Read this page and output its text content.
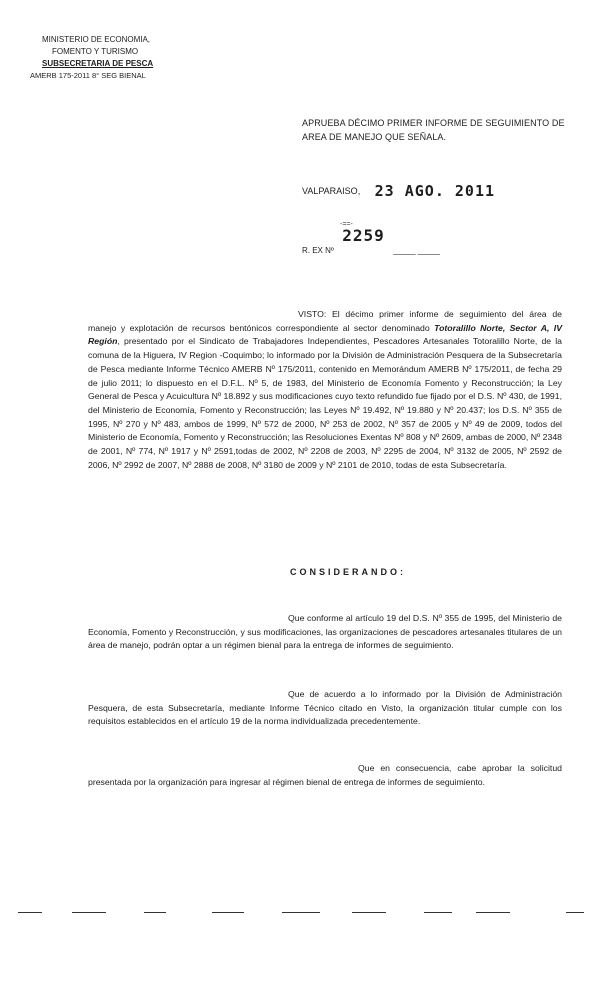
MINISTERIO DE ECONOMIA,
FOMENTO Y TURISMO
SUBSECRETARIA DE PESCA
AMERB 175-2011 8° SEG BIENAL
APRUEBA DÉCIMO PRIMER INFORME DE SEGUIMIENTO DE AREA DE MANEJO QUE SEÑALA.
VALPARAISO, 23 AGO. 2011
-==-
R. EX Nº 2259 _____ _____
VISTO: El décimo primer informe de seguimiento del área de manejo y explotación de recursos bentónicos correspondiente al sector denominado Totoralillo Norte, Sector A, IV Región, presentado por el Sindicato de Trabajadores Independientes, Pescadores Artesanales Totoralillo Norte, de la comuna de la Higuera, IV Region -Coquimbo; lo informado por la División de Administración Pesquera de la Subsecretaría de Pesca mediante Informe Técnico AMERB Nº 175/2011, contenido en Memorándum AMERB Nº 175/2011, de fecha 29 de julio 2011; lo dispuesto en el D.F.L. Nº 5, de 1983, del Ministerio de Economía Fomento y Reconstrucción; la Ley General de Pesca y Acuicultura Nº 18.892 y sus modificaciones cuyo texto refundido fue fijado por el D.S. Nº 430, de 1991, del Ministerio de Economía, Fomento y Reconstrucción; las Leyes Nº 19.492, Nº 19.880 y Nº 20.437; los D.S. Nº 355 de 1995, Nº 270 y Nº 483, ambos de 1999, Nº 572 de 2000, Nº 253 de 2002, Nº 357 de 2005 y Nº 49 de 2009, todos del Ministerio de Economía, Fomento y Reconstrucción; las Resoluciones Exentas Nº 808 y Nº 2609, ambas de 2000, Nº 2348 de 2001, Nº 774, Nº 1917 y Nº 2591,todas de 2002, Nº 2208 de 2003, Nº 2295 de 2004, Nº 3132 de 2005, Nº 2592 de 2006, Nº 2992 de 2007, Nº 2888 de 2008, Nº 3180 de 2009 y Nº 2101 de 2010, todas de esta Subsecretaría.
CONSIDERANDO:
Que conforme al artículo 19 del D.S. Nº 355 de 1995, del Ministerio de Economía, Fomento y Reconstrucción, y sus modificaciones, las organizaciones de pescadores artesanales titulares de un área de manejo, podrán optar a un régimen bienal para la entrega de informes de seguimiento.
Que de acuerdo a lo informado por la División de Administración Pesquera, de esta Subsecretaría, mediante Informe Técnico citado en Visto, la organización titular cumple con los requisitos establecidos en el artículo 19 de la norma individualizada precedentemente.
Que en consecuencia, cabe aprobar la solicitud presentada por la organización para ingresar al régimen bienal de entrega de informes de seguimiento.
